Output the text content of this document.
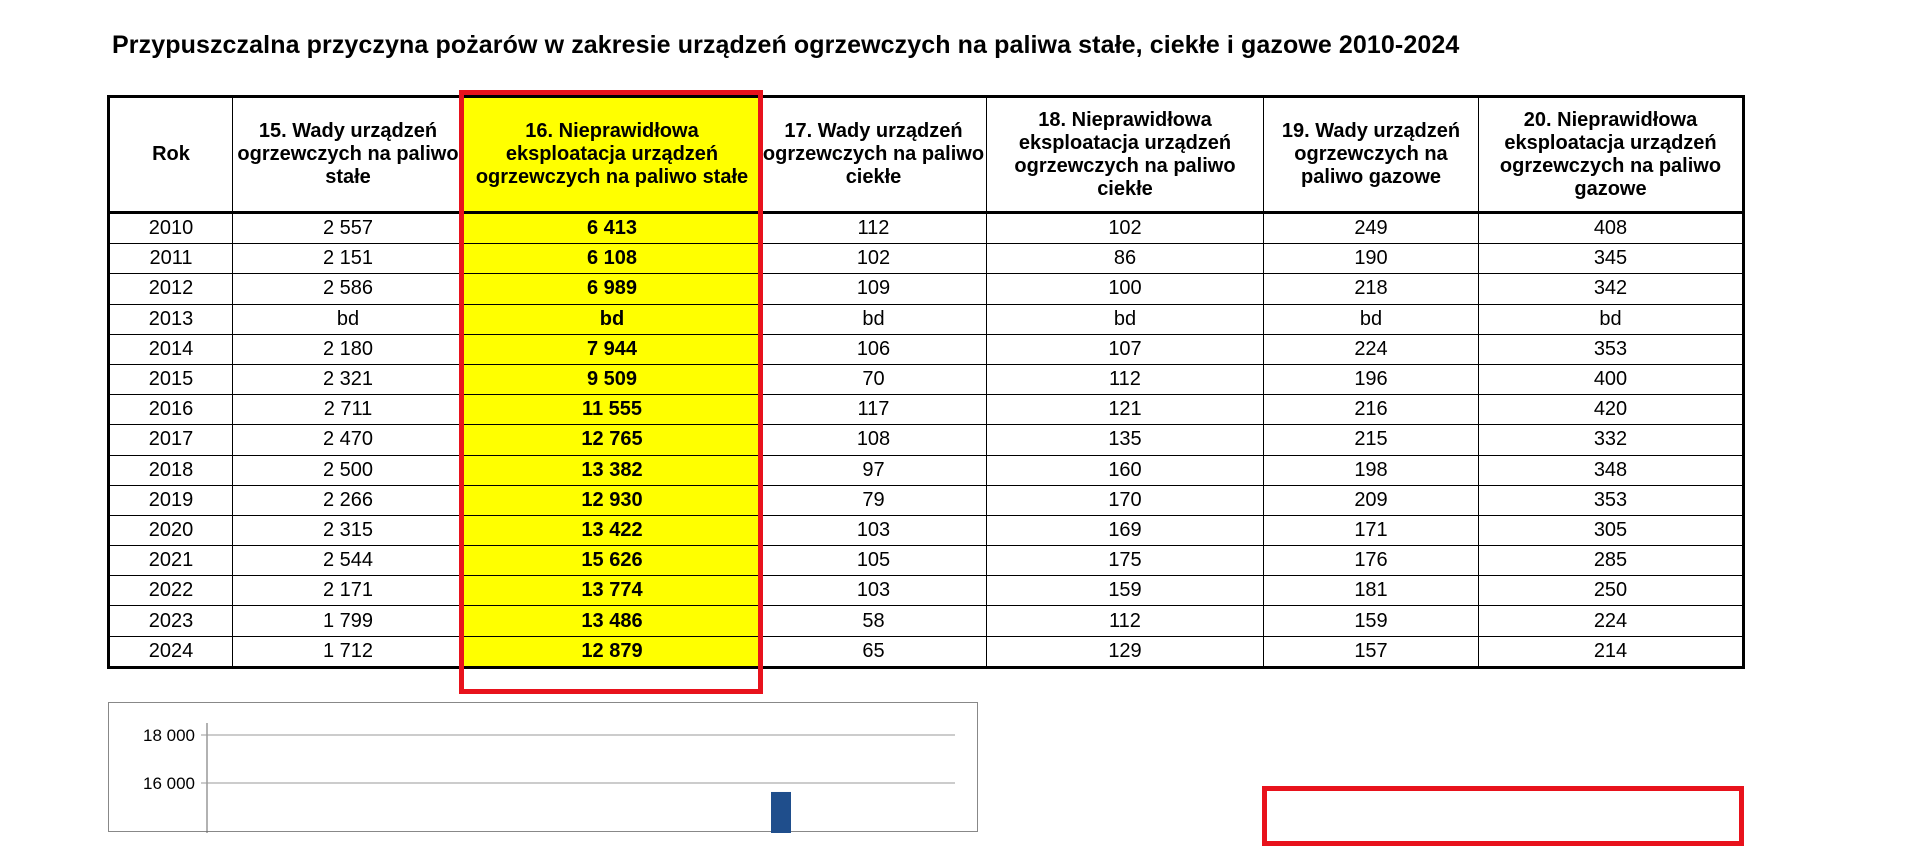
Przypuszczalna przyczyna pożarów w zakresie urządzeń ogrzewczych na paliwa stałe, ciekłe i gazowe 2010-2024
Rok	15. Wady urządzeń ogrzewczych na paliwo stałe	16. Nieprawidłowa eksploatacja urządzeń ogrzewczych na paliwo stałe	17. Wady urządzeń ogrzewczych na paliwo ciekłe	18. Nieprawidłowa eksploatacja urządzeń ogrzewczych na paliwo ciekłe	19. Wady urządzeń ogrzewczych na paliwo gazowe	20. Nieprawidłowa eksploatacja urządzeń ogrzewczych na paliwo gazowe
2010	2 557	6 413	112	102	249	408
2011	2 151	6 108	102	86	190	345
2012	2 586	6 989	109	100	218	342
2013	bd	bd	bd	bd	bd	bd
2014	2 180	7 944	106	107	224	353
2015	2 321	9 509	70	112	196	400
2016	2 711	11 555	117	121	216	420
2017	2 470	12 765	108	135	215	332
2018	2 500	13 382	97	160	198	348
2019	2 266	12 930	79	170	209	353
2020	2 315	13 422	103	169	171	305
2021	2 544	15 626	105	175	176	285
2022	2 171	13 774	103	159	181	250
2023	1 799	13 486	58	112	159	224
2024	1 712	12 879	65	129	157	214
18 000
16 000
